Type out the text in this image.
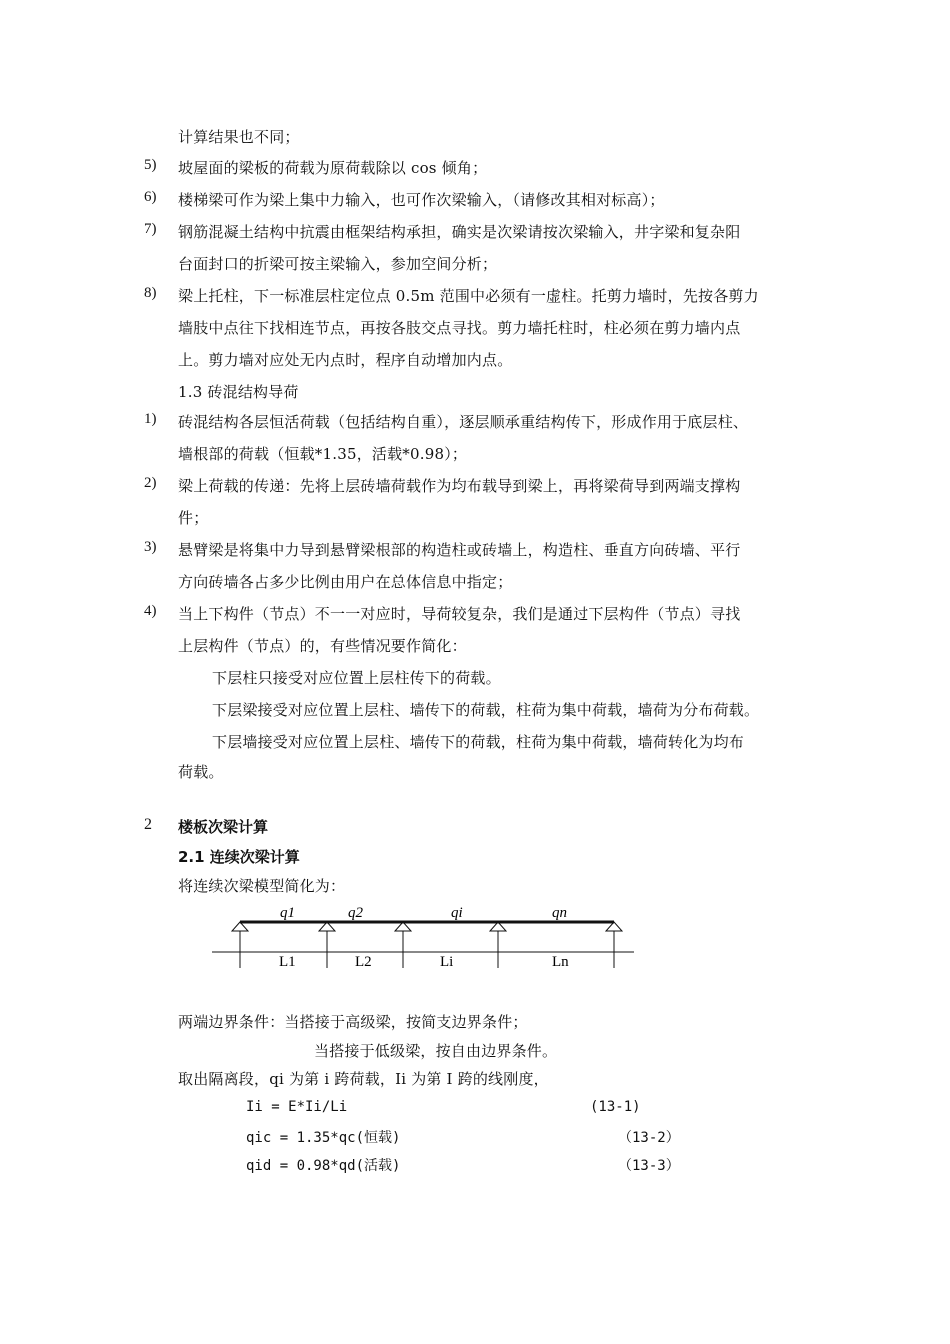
计算结果也不同；
5) 坡屋面的梁板的荷载为原荷载除以 cos 倾角；
6) 楼梯梁可作为梁上集中力输入，也可作次梁输入，（请修改其相对标高）；
7) 钢筋混凝土结构中抗震由框架结构承担，确实是次梁请按次梁输入，井字梁和复杂阳
台面封口的折梁可按主梁输入，参加空间分析；
8) 梁上托柱，下一标准层柱定位点 0.5m 范围中必须有一虚柱。托剪力墙时，先按各剪力
墙肢中点往下找相连节点，再按各肢交点寻找。剪力墙托柱时，柱必须在剪力墙内点
上。剪力墙对应处无内点时，程序自动增加内点。
1.3 砖混结构导荷
1) 砖混结构各层恒活荷载（包括结构自重），逐层顺承重结构传下，形成作用于底层柱、
墙根部的荷载（恒载*1.35，活载*0.98）；
2) 梁上荷载的传递：先将上层砖墙荷载作为均布载导到梁上，再将梁荷导到两端支撑构
件；
3) 悬臂梁是将集中力导到悬臂梁根部的构造柱或砖墙上，构造柱、垂直方向砖墙、平行
方向砖墙各占多少比例由用户在总体信息中指定；
4) 当上下构件（节点）不一一对应时，导荷较复杂，我们是通过下层构件（节点）寻找
上层构件（节点）的，有些情况要作简化：
下层柱只接受对应位置上层柱传下的荷载。
下层梁接受对应位置上层柱、墙传下的荷载，柱荷为集中荷载，墙荷为分布荷载。
下层墙接受对应位置上层柱、墙传下的荷载，柱荷为集中荷载，墙荷转化为均布
荷载。
2 楼板次梁计算
2.1 连续次梁计算
将连续次梁模型简化为：
q1	q2	qi	qn
L1	L2	Li	Ln
两端边界条件：当搭接于高级梁，按简支边界条件；
当搭接于低级梁，按自由边界条件。
取出隔离段，qi 为第 i 跨荷载，Ii 为第 I 跨的线刚度，
Ii = E*Ii/Li	(13-1)
qic = 1.35*qc(恒载)	（13-2）
qid = 0.98*qd(活载)	（13-3）
